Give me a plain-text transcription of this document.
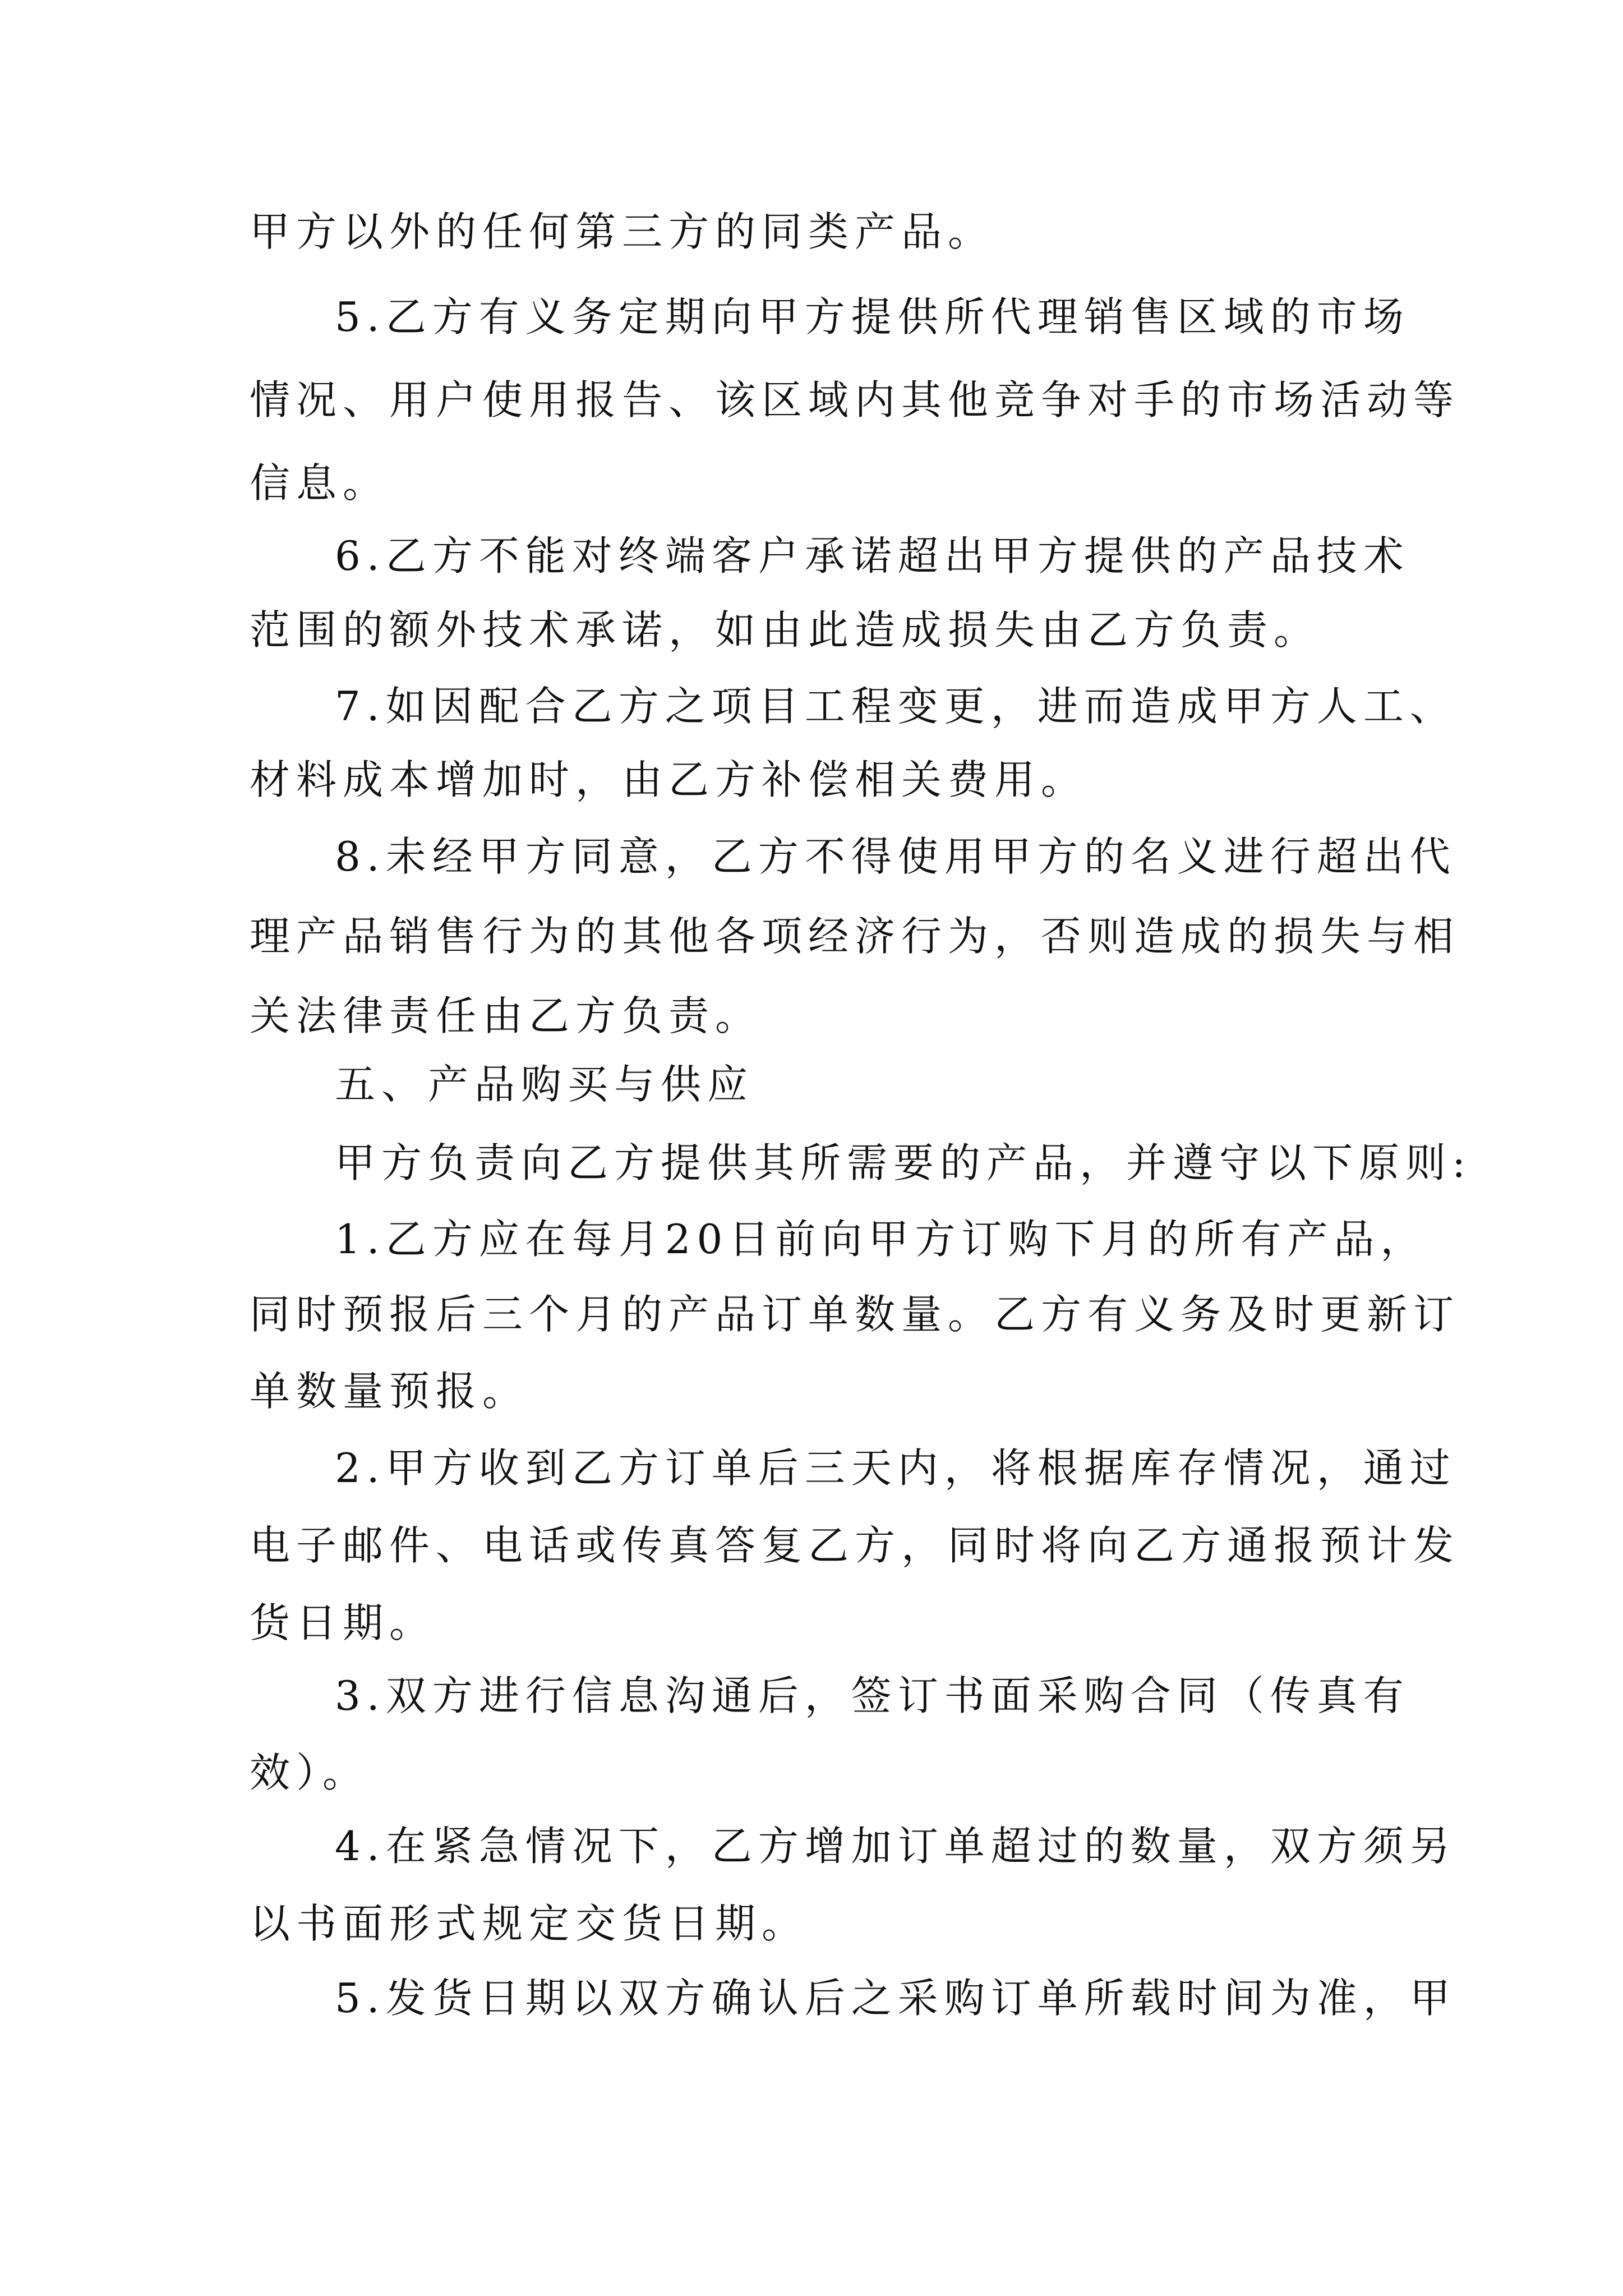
甲方以外的任何第三方的同类产品。
5.乙方有义务定期向甲方提供所代理销售区域的市场
情况、用户使用报告、该区域内其他竞争对手的市场活动等
信息。
6.乙方不能对终端客户承诺超出甲方提供的产品技术
范围的额外技术承诺，如由此造成损失由乙方负责。
7.如因配合乙方之项目工程变更，进而造成甲方人工、
材料成本增加时，由乙方补偿相关费用。
8.未经甲方同意，乙方不得使用甲方的名义进行超出代
理产品销售行为的其他各项经济行为，否则造成的损失与相
关法律责任由乙方负责。
五、产品购买与供应
甲方负责向乙方提供其所需要的产品，并遵守以下原则:
1.乙方应在每月20日前向甲方订购下月的所有产品，
同时预报后三个月的产品订单数量。乙方有义务及时更新订
单数量预报。
2.甲方收到乙方订单后三天内，将根据库存情况，通过
电子邮件、电话或传真答复乙方，同时将向乙方通报预计发
货日期。
3.双方进行信息沟通后，签订书面采购合同（传真有
效）。
4.在紧急情况下，乙方增加订单超过的数量，双方须另
以书面形式规定交货日期。
5.发货日期以双方确认后之采购订单所载时间为准，甲
